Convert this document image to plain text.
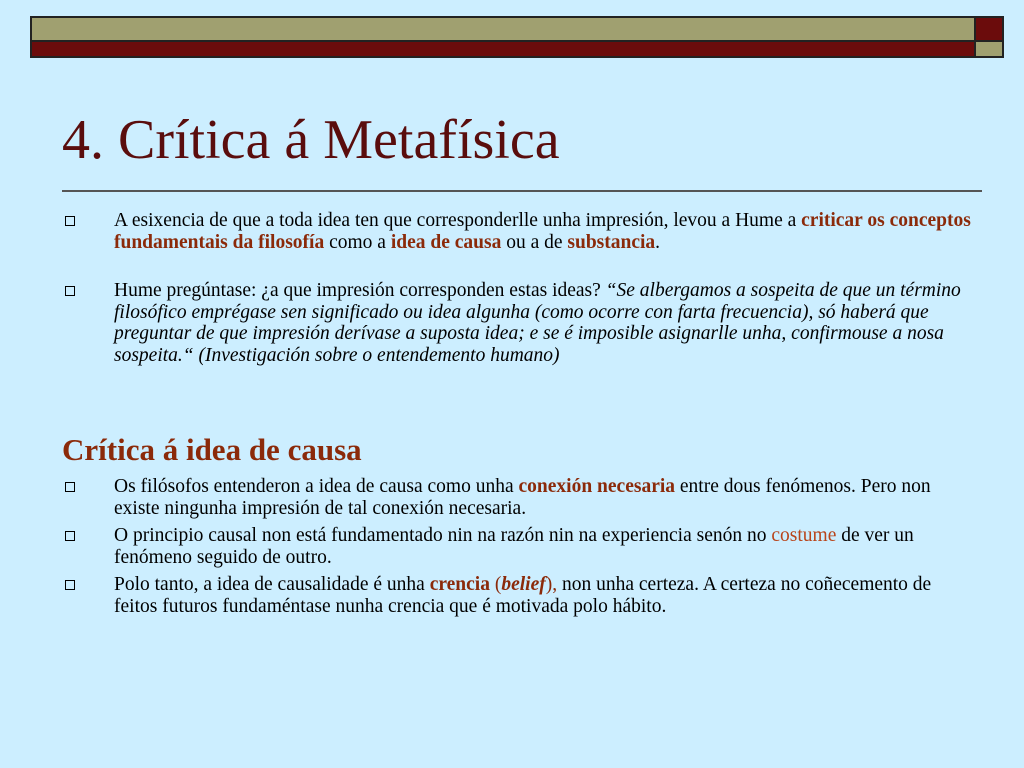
4. Crítica á Metafísica
A esixencia de que a toda idea ten que corresponderlle unha impresión, levou a Hume a criticar os conceptos fundamentais da filosofía como a idea de causa ou a de substancia.
Hume pregúntase: ¿a que impresión corresponden estas ideas? “Se albergamos a sospeita de que un término filosófico emprégase sen significado ou idea algunha (como ocorre con farta frecuencia), só haberá que preguntar de que impresión derívase a suposta idea; e se é imposible asignarlle unha, confirmouse a nosa sospeita.“ (Investigación sobre o entendemento humano)
Crítica á idea de causa
Os filósofos entenderon a idea de causa como unha conexión necesaria entre dous fenómenos. Pero non existe ningunha impresión de tal conexión necesaria.
O principio causal non está fundamentado nin na razón nin na experiencia senón no costume de ver un fenómeno seguido de outro.
Polo tanto, a idea de causalidade é unha crencia (belief), non unha certeza. A certeza no coñecemento de feitos futuros fundaméntase nunha crencia que é motivada polo hábito.
